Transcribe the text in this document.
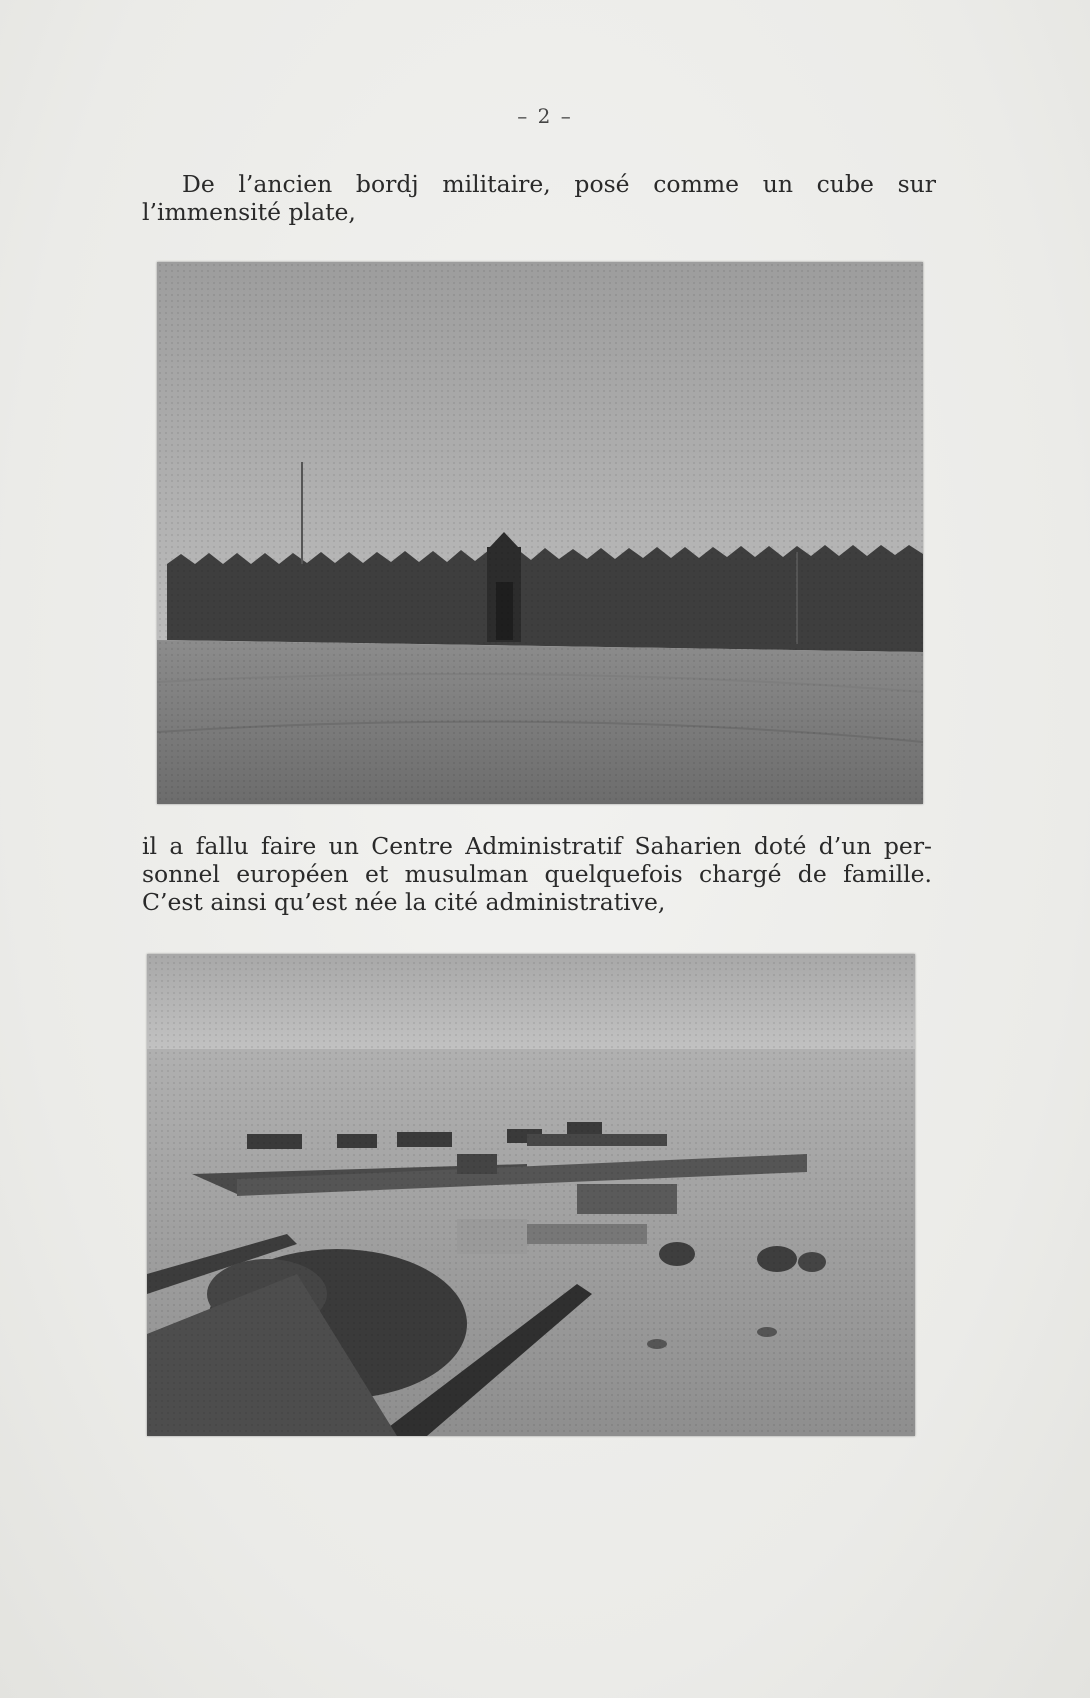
– 2 –

De l’ancien bordj militaire, posé comme un cube sur
l’immensité plate,

il a fallu faire un Centre Administratif Saharien doté d’un per-
sonnel européen et musulman quelquefois chargé de famille.
C’est ainsi qu’est née la cité administrative,
